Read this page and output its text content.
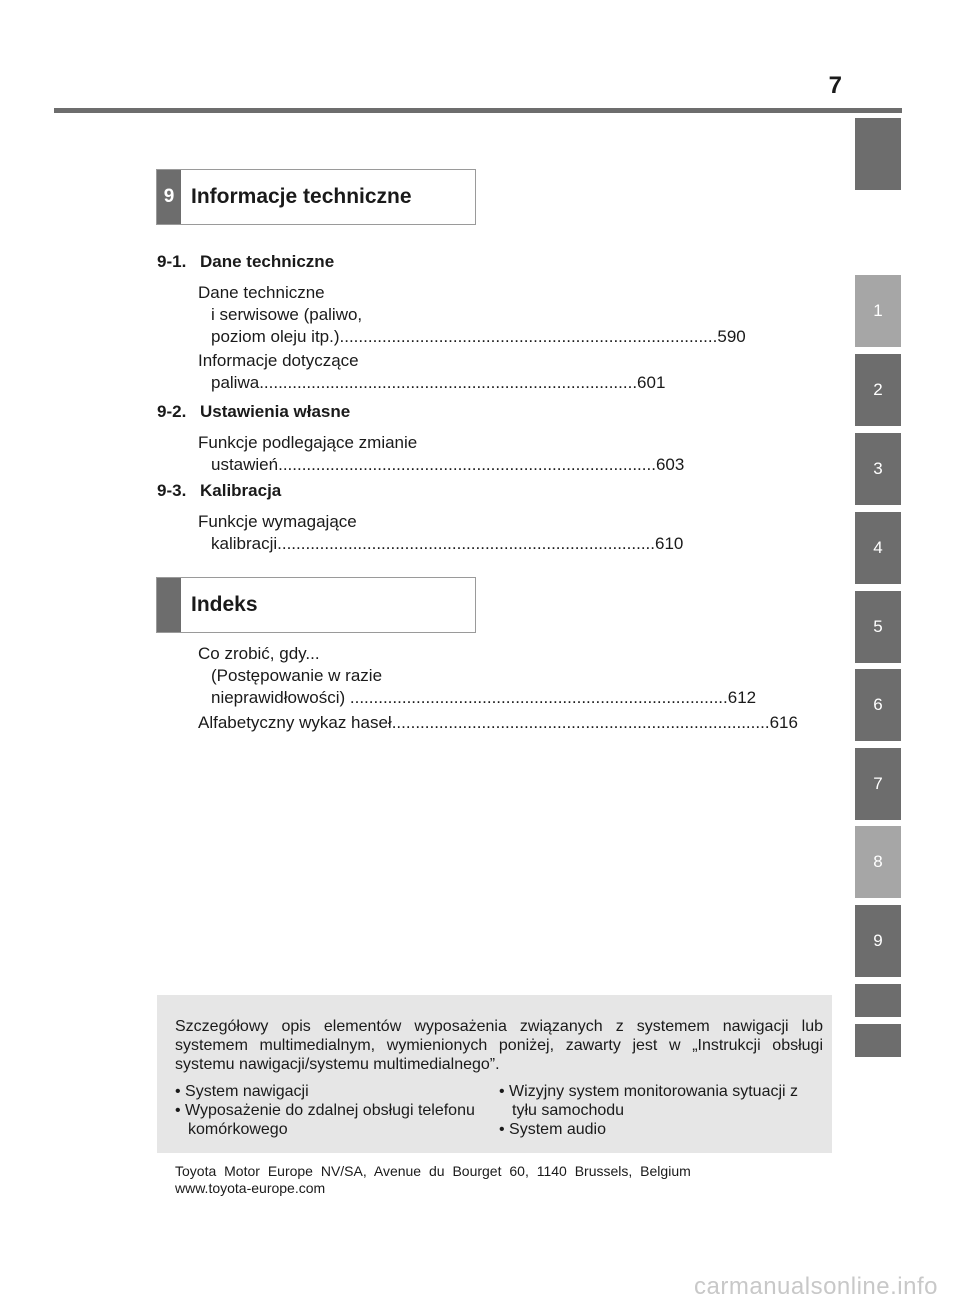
7
1
2
3
4
5
6
7
8
9
9 Informacje techniczne
9-1. Dane techniczne
Dane techniczne
i serwisowe (paliwo,
poziom oleju itp.)................................................................................590
Informacje dotyczące
paliwa................................................................................601
9-2. Ustawienia własne
Funkcje podlegające zmianie
ustawień................................................................................603
9-3. Kalibracja
Funkcje wymagające
kalibracji................................................................................610
Indeks
Co zrobić, gdy...
(Postępowanie w razie
nieprawidłowości) ................................................................................612
Alfabetyczny wykaz haseł................................................................................616
Szczegółowy opis elementów wyposażenia związanych z systemem nawigacji lub systemem multimedialnym, wymienionych poniżej, zawarty jest w „Instrukcji obsługi systemu nawigacji/systemu multimedialnego”.
• System nawigacji
• Wyposażenie do zdalnej obsługi telefonu komórkowego
• Wizyjny system monitorowania sytuacji z tyłu samochodu
• System audio
Toyota Motor Europe NV/SA, Avenue du Bourget 60, 1140 Brussels, Belgium
www.toyota-europe.com
carmanualsonline.info
